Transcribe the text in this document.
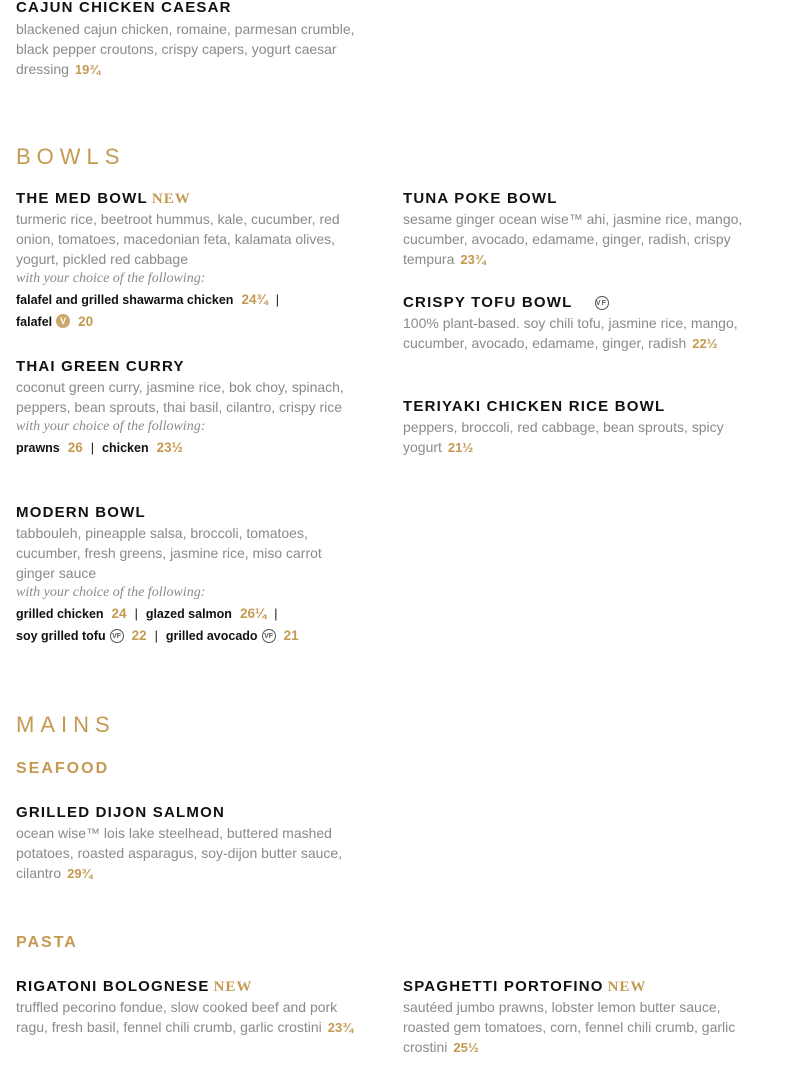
CAJUN CHICKEN CAESAR
blackened cajun chicken, romaine, parmesan crumble, black pepper croutons, crispy capers, yogurt caesar dressing 19¾
BOWLS
THE MED BOWL NEW
turmeric rice, beetroot hummus, kale, cucumber, red onion, tomatoes, macedonian feta, kalamata olives, yogurt, pickled red cabbage
with your choice of the following:
falafel and grilled shawarma chicken 24¾ |
falafel V 20
THAI GREEN CURRY
coconut green curry, jasmine rice, bok choy, spinach, peppers, bean sprouts, thai basil, cilantro, crispy rice
with your choice of the following:
prawns 26 | chicken 23½
MODERN BOWL
tabbouleh, pineapple salsa, broccoli, tomatoes, cucumber, fresh greens, jasmine rice, miso carrot ginger sauce
with your choice of the following:
grilled chicken 24 | glazed salmon 26¼ |
soy grilled tofu VF 22 | grilled avocado VF 21
TUNA POKE BOWL
sesame ginger ocean wise™ ahi, jasmine rice, mango, cucumber, avocado, edamame, ginger, radish, crispy tempura 23¾
CRISPY TOFU BOWL	VF
100% plant-based. soy chili tofu, jasmine rice, mango, cucumber, avocado, edamame, ginger, radish 22½
TERIYAKI CHICKEN RICE BOWL
peppers, broccoli, red cabbage, bean sprouts, spicy yogurt 21½
MAINS
SEAFOOD
GRILLED DIJON SALMON
ocean wise™ lois lake steelhead, buttered mashed potatoes, roasted asparagus, soy-dijon butter sauce, cilantro 29¾
PASTA
RIGATONI BOLOGNESE NEW
truffled pecorino fondue, slow cooked beef and pork ragu, fresh basil, fennel chili crumb, garlic crostini 23¾
SPAGHETTI PORTOFINO NEW
sautéed jumbo prawns, lobster lemon butter sauce, roasted gem tomatoes, corn, fennel chili crumb, garlic crostini 25½
